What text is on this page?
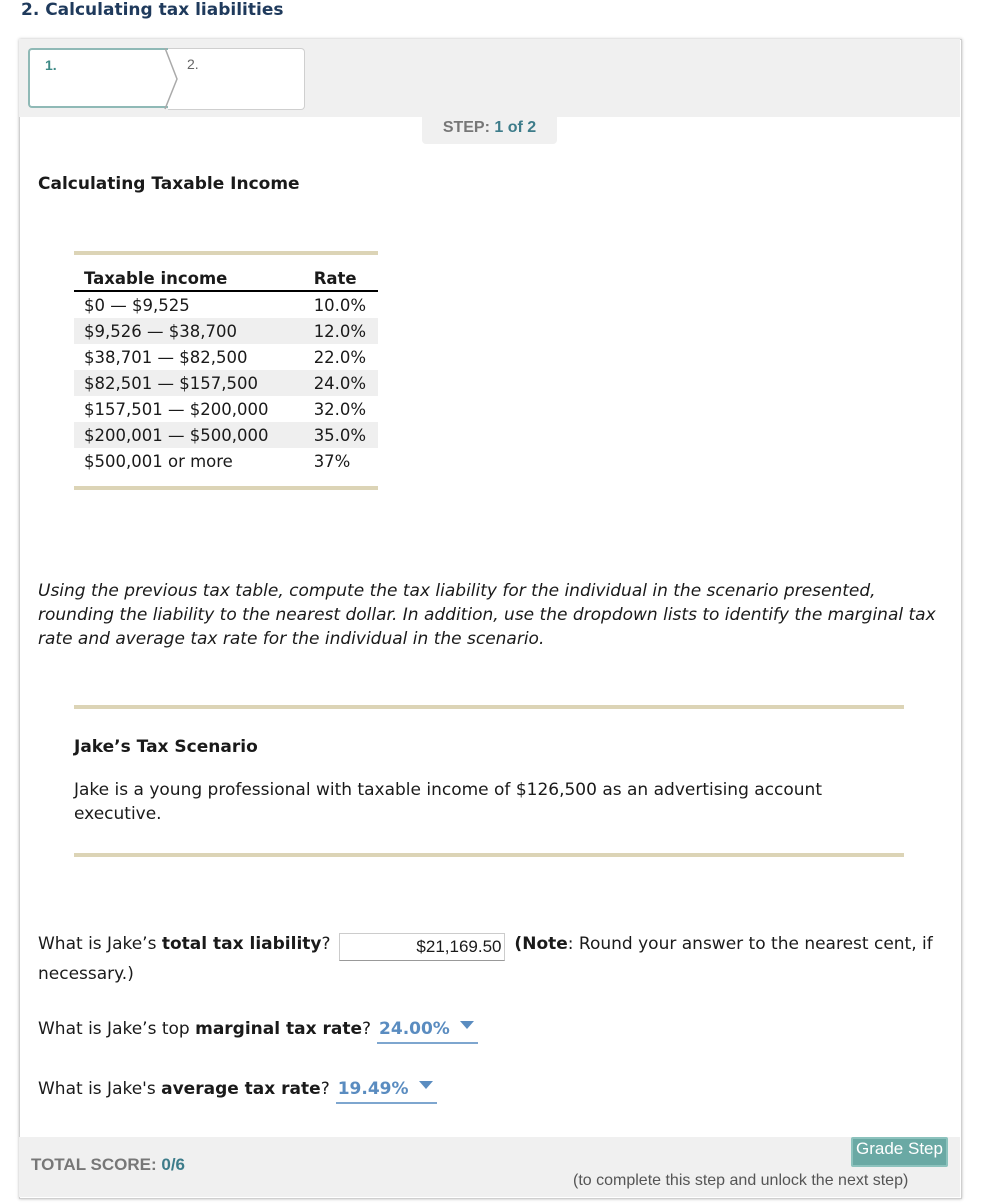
2. Calculating tax liabilities
1.	2.
STEP: 1 of 2
Calculating Taxable Income
Taxable income	Rate
$0 — $9,525	10.0%
$9,526 — $38,700	12.0%
$38,701 — $82,500	22.0%
$82,501 — $157,500	24.0%
$157,501 — $200,000	32.0%
$200,001 — $500,000	35.0%
$500,001 or more	37%
Using the previous tax table, compute the tax liability for the individual in the scenario presented, rounding the liability to the nearest dollar. In addition, use the dropdown lists to identify the marginal tax rate and average tax rate for the individual in the scenario.
Jake’s Tax Scenario
Jake is a young professional with taxable income of $126,500 as an advertising account executive.
What is Jake’s total tax liability?	$21,169.50 (Note: Round your answer to the nearest cent, if necessary.)
What is Jake’s top marginal tax rate? 24.00%
What is Jake's average tax rate? 19.49%
TOTAL SCORE: 0/6
Grade Step
(to complete this step and unlock the next step)
